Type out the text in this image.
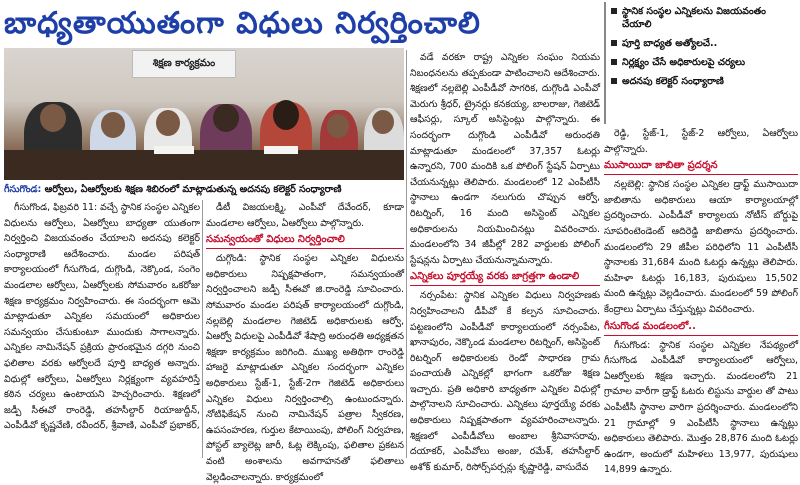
బాధ్యతాయుతంగా విధులు నిర్వర్తించాలి	స్థానిక సంస్థల ఎన్నికలను విజయవంతం చేయాలి
పూర్తి బాధ్యత అత్యోలచే..
నిర్లక్ష్యం చేసే అధికారులపై చర్యలు
అదనపు కలెక్టర్ సంధ్యారాణి
శిక్షణ కార్యక్రమం
గీసుగొండ: ఆర్వోలు, ఏఆర్వోలకు శిక్షణ శిబిరంలో మాట్లాడుతున్న అదనపు కలెక్టర్ సంధ్యారాణి

గీసుగొండ, ఫిబ్రవరి 11: వచ్చే స్థానిక సంస్థల ఎన్నికల విధులను ఆర్వోలు, ఏఆర్వోలు బాధ్యతా యుతంగా నిర్వర్తించి విజయవంతం చేయాలని అదనపు కలెక్టర్ సంధ్యారాణి ఆదేశించారు. మండల పరిషత్ కార్యాలయంలో గీసుగొండ, దుగ్గొండి, నెక్కొండ, సంగెం మండలాల ఆర్వోలు, ఏఆర్వోలకు సోమవారం ఒకరోజు శిక్షణ కార్యక్రమం నిర్వహించారు. ఈ సందర్భంగా ఆమె మాట్లాడుతూ ఎన్నికల సమయంలో అధికారుల సమన్వయం చేసుకుంటూ ముందుకు సాగాలన్నారు. ఎన్నికల నామినేషన్ ప్రక్రియ ప్రారంభమైన దగ్గరి నుంచి ఫలితాల వరకు ఆర్వోలదే పూర్తి బాధ్యత అన్నారు. విధుల్లో ఆర్వోలు, ఏఆర్వోలు నిర్లక్ష్యంగా వ్యవహరిస్తే కఠిన చర్యలు ఉంటాయని హెచ్చరించారు. శిక్షణలో జడ్పీ సీఈవో రాంరెడ్డి, తహసీల్దార్ రియాజుద్దీన్, ఎంపీడీవో కృష్ణవేణి, రవీందర్, శ్రీవాణి, ఎంపీవో ప్రభాకర్,

డీటీ విజయలక్ష్మి, ఎంపీవో దేవేందర్, కూడా మండలాల ఆర్వోలు, ఏఆర్వోలు పాల్గొన్నారు.

సమన్వయంతో విధులు నిర్వర్తించాలి

దుగ్గొండి: స్థానిక సంస్థల ఎన్నికల విధులను అధికారులు నిష్పక్షపాతంగా, సమన్వయంతో నిర్వర్తించాలని జడ్పీ సీఈవో జి.రాంరెడ్డి సూచించారు. సోమవారం మండల పరిషత్ కార్యాలయంలో దుగ్గొండి, నల్లబెల్లి మండలాల గెజిటెడ్ అధికారులకు ఆర్వో, ఏఆర్వో విధులపై ఎంపీడీవో శేషాద్రి అరుంధతి అధ్యక్షతన శిక్షణా కార్యక్రమం జరిగింది. ముఖ్య అతిథిగా రాంరెడ్డి హాజరై మాట్లాడుతూ ఎన్నికల సందర్భంగా ఎన్నికల అధికారులు స్టేజ్-1, స్టేజ్-2గా గెజిటెడ్ అధికారులు ఎన్నికల విధులు నిర్వర్తించాల్సి ఉంటుందన్నారు. నోటిఫికేషన్ నుంచి నామినేషన్ పత్రాల స్వీకరణ, ఉపసంహరణ, గుర్తుల కేటాయింపు, పోలింగ్ నిర్వహణ, పోస్టల్ బ్యాలెట్ల జారీ, ఓట్ల లెక్కింపు, ఫలితాల ప్రకటన వంటి అంశాలను అవగాహనతో ఫలితాలు వెల్లడించాలన్నారు. కార్యక్రమంలో

వడే వరకూ రాష్ట్ర ఎన్నికల సంఘం నియమ నిబంధనలను తప్పకుండా పాటించాలని ఆదేశించారు. శిక్షణలో నల్లబెల్లి ఎంపీడీవో సాగరిక, దుగ్గొండి ఎంపీవో మెరుగు శ్రీధర్, ట్రైనర్లు కనకయ్య, బాలరాజు, గెజిటెడ్ ఆఫీసర్లు, స్కూల్ అసిస్టెంట్లు పాల్గొన్నారు. ఈ సందర్భంగా దుగ్గొండి ఎంపీడీవో అరుంధతి మాట్లాడుతూ మండలంలో 37,357 ఓటర్లు ఉన్నారని, 700 మందికి ఒక పోలింగ్ స్టేషన్ ఏర్పాటు చేయనున్నట్లు తెలిపారు. మండలంలో 12 ఎంపీటీసీ స్థానాలు ఉండగా నలుగురు చొప్పున ఆర్వో, రిటర్నింగ్, 16 మంది అసిస్టెంట్ ఎన్నికల అధికారులను నియమించినట్లు వివరించారు. మండలంలోని 34 జీపీల్లో 282 వార్డులకు పోలింగ్ స్టేషన్లను ఏర్పాటు చేయనున్నామన్నారు.

ఎన్నికలు పూర్తయ్యే వరకు జాగ్రత్తగా ఉండాలి

నర్సంపేట: స్థానిక ఎన్నికల విధులు నిర్వహణకు నిర్వహించాలని డీపీవో కే కల్పన సూచించారు. పట్టణంలోని ఎంపీడీవో కార్యాలయంలో నర్సంపేట, ఖానాపురం, నెక్కొండ మండలాల రిటర్నింగ్, అసిస్టెంట్ రిటర్నింగ్ అధికారులకు రెండో సాధారణ గ్రామ పంచాయతీ ఎన్నికల్లో భాగంగా ఒకరోజు శిక్షణ ఇచ్చారు. ప్రతి అధికారి బాధ్యతగా ఎన్నికల విధుల్లో పాల్గొనాలని సూచించారు. ఎన్నికలు పూర్తయ్యే వరకు అధికారులు నిష్పక్షపాతంగా వ్యవహరించాలన్నారు. శిక్షణలో ఎంపీడీవోలు అంబాల శ్రీనివాసరావు, దయాకర్, ఎంపీవోలు అంజు, రమేశ్, తహసీల్దార్ అశోక్ కుమార్, రిసోర్స్‌పర్సన్లు కృష్ణారెడ్డి, వాసుదేవ

రెడ్డి, స్టేజ్-1, స్టేజ్-2 ఆర్వోలు, ఏఆర్వోలు పాల్గొన్నారు.

ముసాయిదా జాబితా ప్రదర్శన

నల్లబెల్లి: స్థానిక సంస్థల ఎన్నికల డ్రాఫ్ట్ ముసాయిదా జాబితాను అధికారులు ఆయా కార్యాలయాల్లో ప్రదర్శించారు. ఎంపీడీవో కార్యాలయ నోటీస్ బోర్డుపై సూపరింటెండెంట్ ఆదిరెడ్డి జాబితాను ప్రదర్శించారు. మండలంలోని 29 జీపీల పరిధిలోని 11 ఎంపీటీసీ స్థానాలకు 31,684 మంది ఓటర్లు ఉన్నట్లు తెలిపారు. మహిళా ఓటర్లు 16,183, పురుషులు 15,502 మంది ఉన్నట్లు వెల్లడించారు. మండలంలో 59 పోలింగ్ కేంద్రాలు ఏర్పాటు చేస్తున్నట్లు వివరించారు.

గీసుగొండ మండలంలో..

గీసుగొండ: స్థానిక సంస్థల ఎన్నికల నేపథ్యంలో గీసుగొండ ఎంపీడీవో కార్యాలయంలో ఆర్వోలు, ఏఆర్వోలకు శిక్షణ ఇచ్చారు. మండలంలోని 21 గ్రామాల వారీగా డ్రాఫ్ట్ ఓటరు లిస్టును వార్డుల తో పాటు ఎంపీటీసీ స్థానాల వారిగా ప్రదర్శించారు. మండలంలోని 21 గ్రామాల్లో 9 ఎంపీటీసీ స్థానాలు ఉన్నట్లు అధికారులు తెలిపారు. మొత్తం 28,876 మంది ఓటర్లు ఉండగా, అందులో మహిళలు 13,977, పురుషులు 14,899 ఉన్నారు.
